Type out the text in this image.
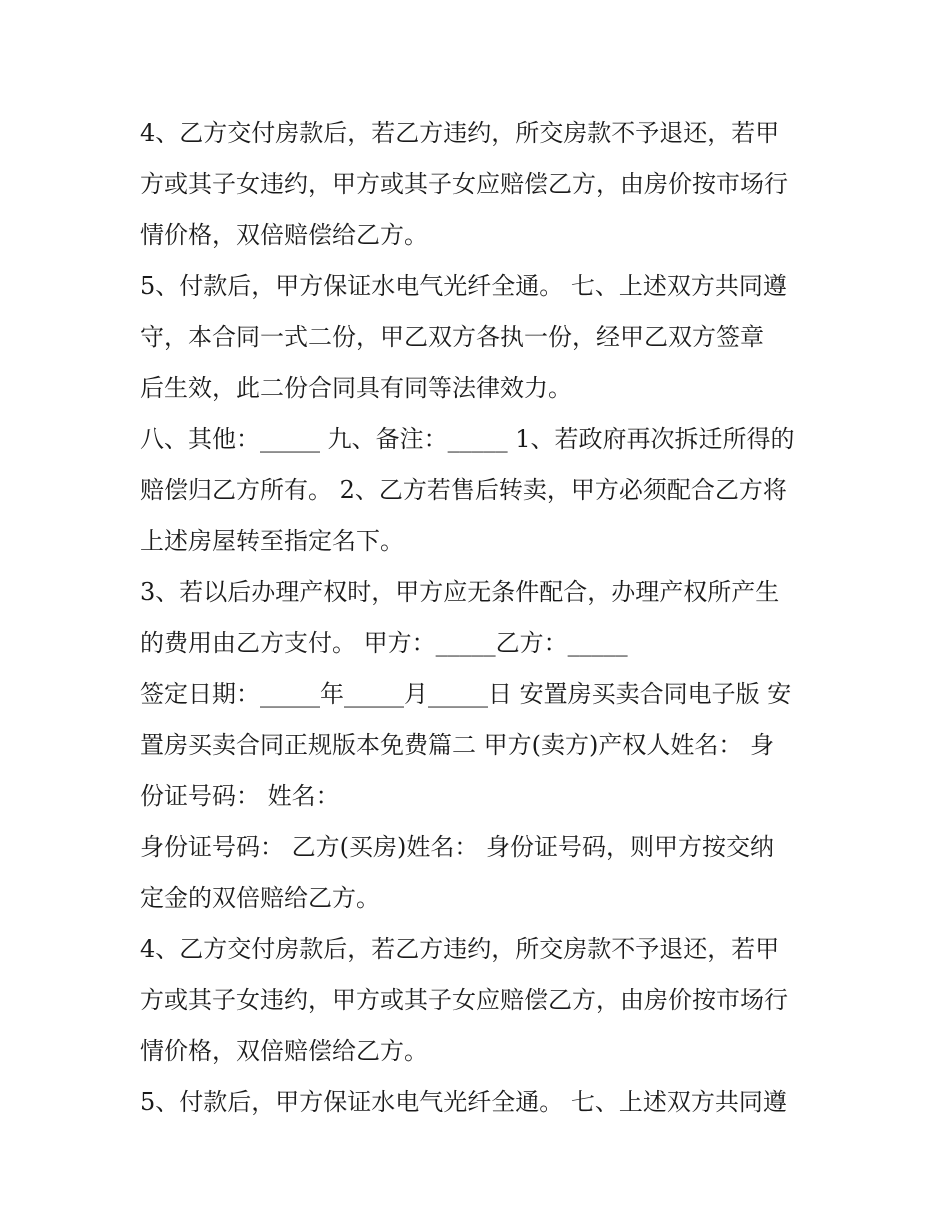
4、乙方交付房款后，若乙方违约，所交房款不予退还，若甲
方或其子女违约，甲方或其子女应赔偿乙方，由房价按市场行
情价格，双倍赔偿给乙方。
5、付款后，甲方保证水电气光纤全通。 七、上述双方共同遵
守，本合同一式二份，甲乙双方各执一份，经甲乙双方签章
后生效，此二份合同具有同等法律效力。
八、其他：_____ 九、备注：_____ 1、若政府再次拆迁所得的
赔偿归乙方所有。 2、乙方若售后转卖，甲方必须配合乙方将
上述房屋转至指定名下。
3、若以后办理产权时，甲方应无条件配合，办理产权所产生
的费用由乙方支付。 甲方：_____乙方：_____
签定日期：_____年_____月_____日 安置房买卖合同电子版 安
置房买卖合同正规版本免费篇二 甲方(卖方)产权人姓名： 身
份证号码： 姓名：
身份证号码： 乙方(买房)姓名： 身份证号码，则甲方按交纳
定金的双倍赔给乙方。
4、乙方交付房款后，若乙方违约，所交房款不予退还，若甲
方或其子女违约，甲方或其子女应赔偿乙方，由房价按市场行
情价格，双倍赔偿给乙方。
5、付款后，甲方保证水电气光纤全通。 七、上述双方共同遵
